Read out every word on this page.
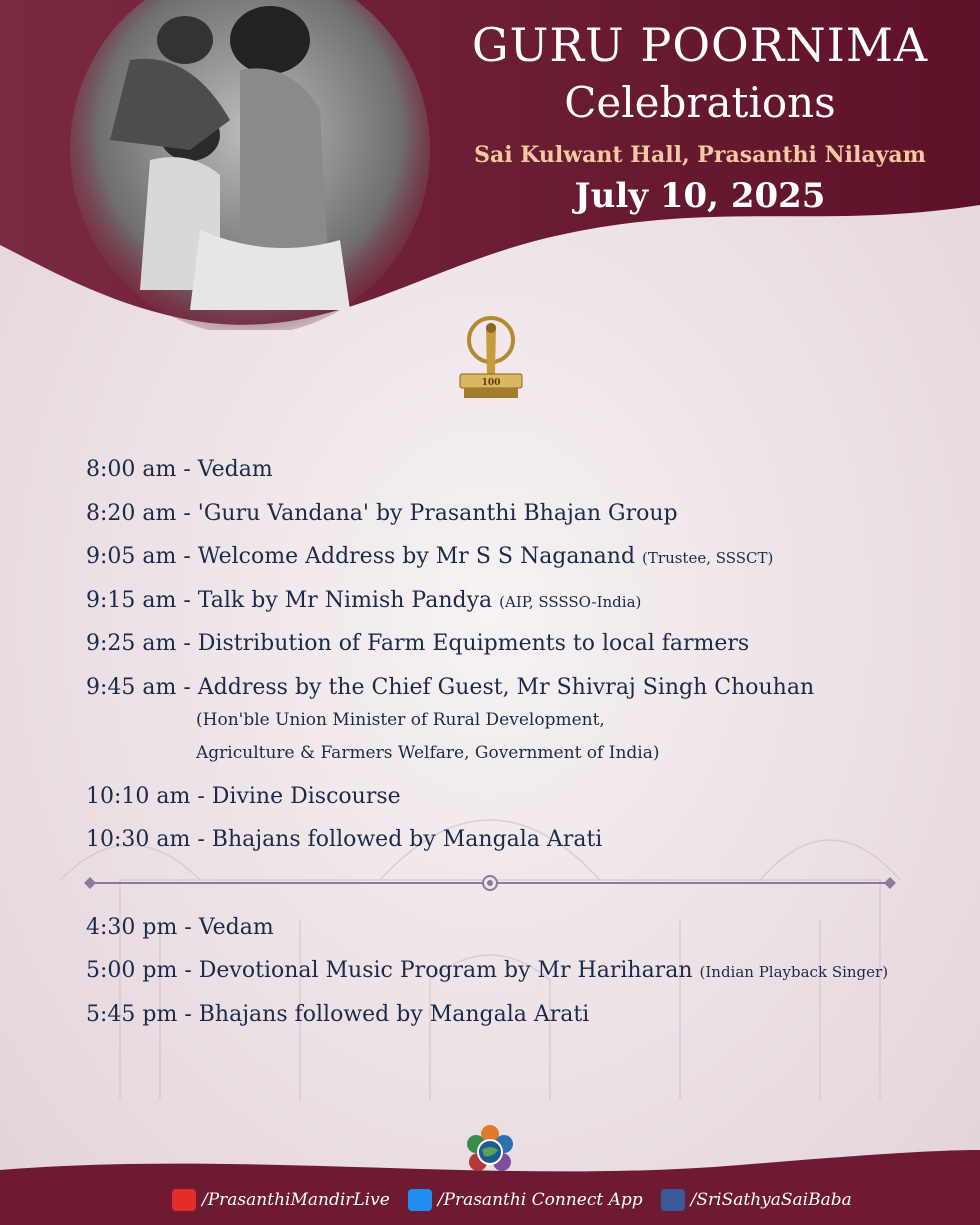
GURU POORNIMA
Celebrations
Sai Kulwant Hall, Prasanthi Nilayam
July 10, 2025
100
8:00 am - Vedam
8:20 am - 'Guru Vandana' by Prasanthi Bhajan Group
9:05 am - Welcome Address by Mr S S Naganand (Trustee, SSSCT)
9:15 am - Talk by Mr Nimish Pandya (AIP, SSSSO-India)
9:25 am - Distribution of Farm Equipments to local farmers
9:45 am - Address by the Chief Guest, Mr Shivraj Singh Chouhan
(Hon'ble Union Minister of Rural Development,
Agriculture & Farmers Welfare, Government of India)
10:10 am - Divine Discourse
10:30 am - Bhajans followed by Mangala Arati
4:30 pm - Vedam
5:00 pm - Devotional Music Program by Mr Hariharan (Indian Playback Singer)
5:45 pm - Bhajans followed by Mangala Arati
/PrasanthiMandirLive	/Prasanthi Connect App	/SriSathyaSaiBaba
